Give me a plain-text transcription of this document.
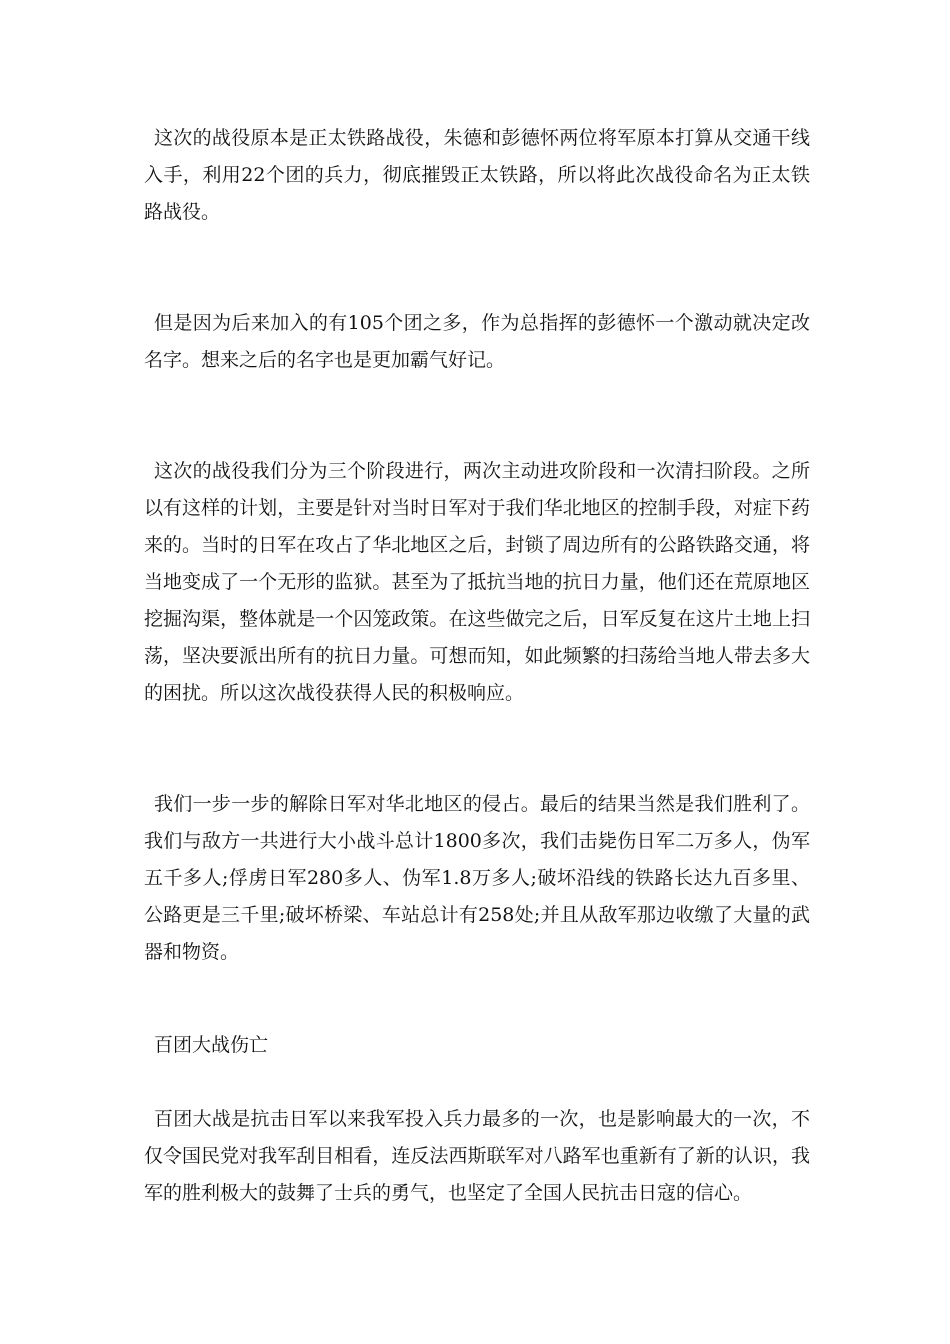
这次的战役原本是正太铁路战役，朱德和彭德怀两位将军原本打算从交通干线入手，利用22个团的兵力，彻底摧毁正太铁路，所以将此次战役命名为正太铁路战役。

但是因为后来加入的有105个团之多，作为总指挥的彭德怀一个激动就决定改名字。想来之后的名字也是更加霸气好记。

这次的战役我们分为三个阶段进行，两次主动进攻阶段和一次清扫阶段。之所以有这样的计划，主要是针对当时日军对于我们华北地区的控制手段，对症下药来的。当时的日军在攻占了华北地区之后，封锁了周边所有的公路铁路交通，将当地变成了一个无形的监狱。甚至为了抵抗当地的抗日力量，他们还在荒原地区挖掘沟渠，整体就是一个囚笼政策。在这些做完之后，日军反复在这片土地上扫荡，坚决要派出所有的抗日力量。可想而知，如此频繁的扫荡给当地人带去多大的困扰。所以这次战役获得人民的积极响应。

我们一步一步的解除日军对华北地区的侵占。最后的结果当然是我们胜利了。我们与敌方一共进行大小战斗总计1800多次，我们击毙伤日军二万多人，伪军五千多人;俘虏日军280多人、伪军1.8万多人;破坏沿线的铁路长达九百多里、公路更是三千里;破坏桥梁、车站总计有258处;并且从敌军那边收缴了大量的武器和物资。

百团大战伤亡

百团大战是抗击日军以来我军投入兵力最多的一次，也是影响最大的一次，不仅令国民党对我军刮目相看，连反法西斯联军对八路军也重新有了新的认识，我军的胜利极大的鼓舞了士兵的勇气，也坚定了全国人民抗击日寇的信心。
